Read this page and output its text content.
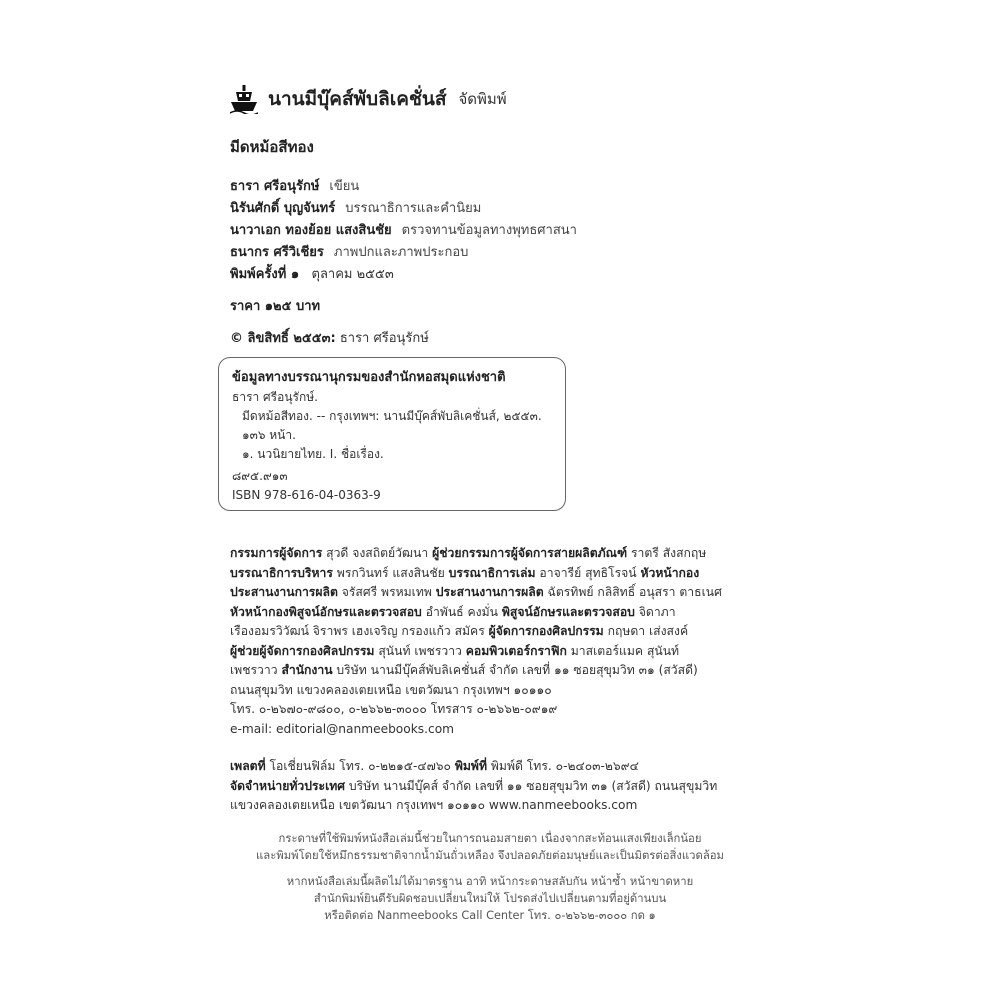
นานมีบุ๊คส์พับลิเคชั่นส์ จัดพิมพ์
มีดหม้อสีทอง
ธารา ศรีอนุรักษ์ เขียน
นิรันศักดิ์ บุญจันทร์ บรรณาธิการและคำนิยม
นาวาเอก ทองย้อย แสงสินชัย ตรวจทานข้อมูลทางพุทธศาสนา
ธนากร ศรีวิเชียร ภาพปกและภาพประกอบ
พิมพ์ครั้งที่ ๑ ตุลาคม ๒๕๕๓
ราคา ๑๒๕ บาท
© ลิขสิทธิ์ ๒๕๕๓: ธารา ศรีอนุรักษ์
ข้อมูลทางบรรณานุกรมของสำนักหอสมุดแห่งชาติ
ธารา ศรีอนุรักษ์.
มีดหม้อสีทอง. -- กรุงเทพฯ: นานมีบุ๊คส์พับลิเคชั่นส์, ๒๕๕๓.
๑๓๖ หน้า.
๑. นวนิยายไทย. I. ชื่อเรื่อง.
๘๙๕.๙๑๓
ISBN 978-616-04-0363-9
กรรมการผู้จัดการ สุวดี จงสถิตย์วัฒนา ผู้ช่วยกรรมการผู้จัดการสายผลิตภัณฑ์ ราตรี สังสกฤษ
บรรณาธิการบริหาร พรกวินทร์ แสงสินชัย บรรณาธิการเล่ม อาจารีย์ สุทธิโรจน์ หัวหน้ากอง
ประสานงานการผลิต จรัสศรี พรหมเทพ ประสานงานการผลิต ฉัตรทิพย์ กลิสิทธิ์ อนุสรา ตาธเนศ
หัวหน้ากองพิสูจน์อักษรและตรวจสอบ อำพันธ์ คงมั่น พิสูจน์อักษรและตรวจสอบ จิดาภา
เรืองอมรวิวัฒน์ จิราพร เฮงเจริญ กรองแก้ว สมัคร ผู้จัดการกองศิลปกรรม กฤษดา เส่งสงค์
ผู้ช่วยผู้จัดการกองศิลปกรรม สุนันท์ เพชรวาว คอมพิวเตอร์กราฟิก มาสเตอร์แมค สุนันท์
เพชรวาว สำนักงาน บริษัท นานมีบุ๊คส์พับลิเคชั่นส์ จำกัด เลขที่ ๑๑ ซอยสุขุมวิท ๓๑ (สวัสดี)
ถนนสุขุมวิท แขวงคลองเตยเหนือ เขตวัฒนา กรุงเทพฯ ๑๐๑๑๐
โทร. ๐-๒๖๗๐-๙๘๐๐, ๐-๒๖๖๒-๓๐๐๐ โทรสาร ๐-๒๖๖๒-๐๙๑๙
e-mail: editorial@nanmeebooks.com
เพลตที่ โอเชี่ยนฟิล์ม โทร. ๐-๒๒๑๕-๔๗๖๐ พิมพ์ที่ พิมพ์ดี โทร. ๐-๒๔๐๓-๒๖๙๔
จัดจำหน่ายทั่วประเทศ บริษัท นานมีบุ๊คส์ จำกัด เลขที่ ๑๑ ซอยสุขุมวิท ๓๑ (สวัสดี) ถนนสุขุมวิท
แขวงคลองเตยเหนือ เขตวัฒนา กรุงเทพฯ ๑๐๑๑๐ www.nanmeebooks.com
กระดาษที่ใช้พิมพ์หนังสือเล่มนี้ช่วยในการถนอมสายตา เนื่องจากสะท้อนแสงเพียงเล็กน้อย
และพิมพ์โดยใช้หมึกธรรมชาติจากน้ำมันถั่วเหลือง จึงปลอดภัยต่อมนุษย์และเป็นมิตรต่อสิ่งแวดล้อม
หากหนังสือเล่มนี้ผลิตไม่ได้มาตรฐาน อาทิ หน้ากระดาษสลับกัน หน้าซ้ำ หน้าขาดหาย
สำนักพิมพ์ยินดีรับผิดชอบเปลี่ยนใหม่ให้ โปรดส่งไปเปลี่ยนตามที่อยู่ด้านบน
หรือติดต่อ Nanmeebooks Call Center โทร. ๐-๒๖๖๒-๓๐๐๐ กด ๑
